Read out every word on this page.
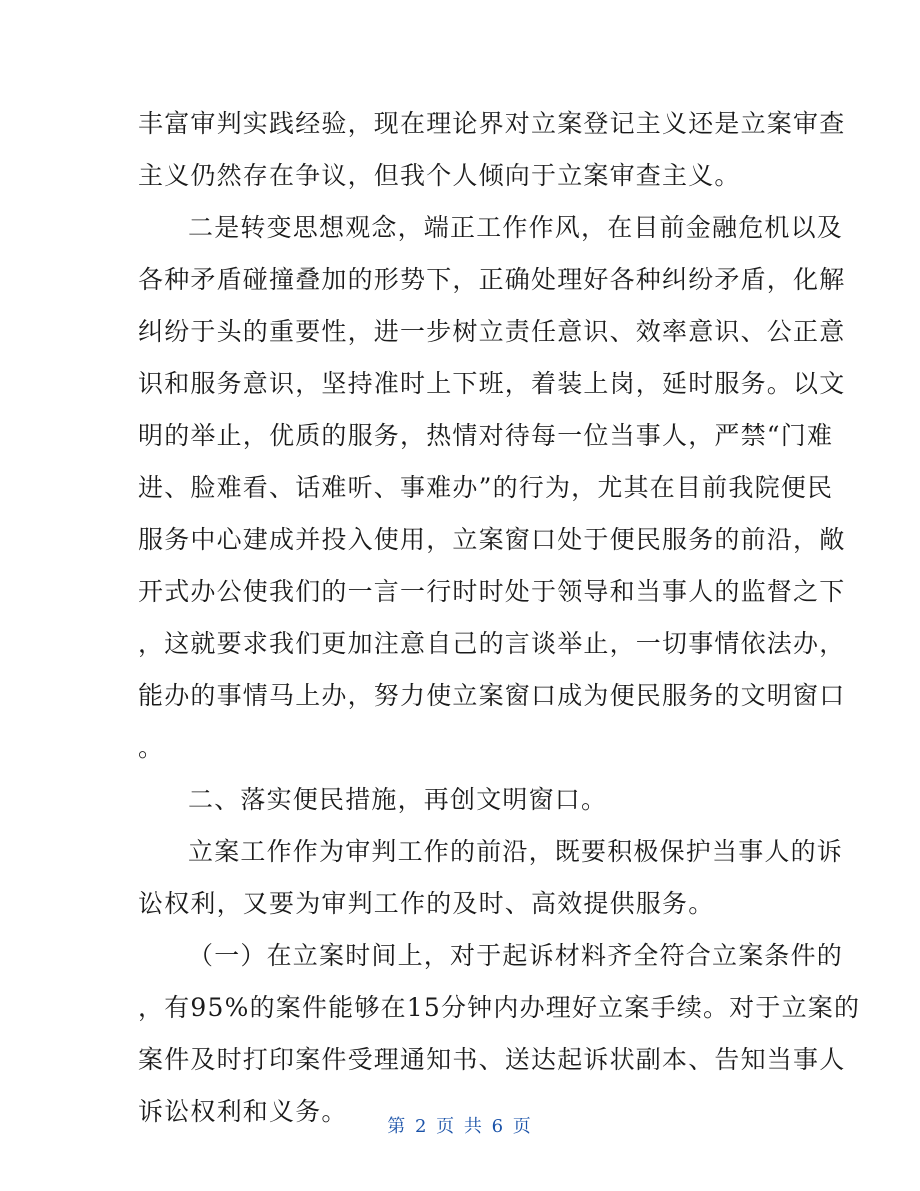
丰富审判实践经验，现在理论界对立案登记主义还是立案审查
主义仍然存在争议，但我个人倾向于立案审查主义。

二是转变思想观念，端正工作作风，在目前金融危机以及
各种矛盾碰撞叠加的形势下，正确处理好各种纠纷矛盾，化解
纠纷于头的重要性，进一步树立责任意识、效率意识、公正意
识和服务意识，坚持准时上下班，着装上岗，延时服务。以文
明的举止，优质的服务，热情对待每一位当事人，严禁“门难
进、脸难看、话难听、事难办”的行为，尤其在目前我院便民
服务中心建成并投入使用，立案窗口处于便民服务的前沿，敞
开式办公使我们的一言一行时时处于领导和当事人的监督之下
，这就要求我们更加注意自己的言谈举止，一切事情依法办，
能办的事情马上办，努力使立案窗口成为便民服务的文明窗口
。

二、落实便民措施，再创文明窗口。

立案工作作为审判工作的前沿，既要积极保护当事人的诉
讼权利，又要为审判工作的及时、高效提供服务。

（一）在立案时间上，对于起诉材料齐全符合立案条件的
，有95%的案件能够在15分钟内办理好立案手续。对于立案的
案件及时打印案件受理通知书、送达起诉状副本、告知当事人
诉讼权利和义务。

第 2 页 共 6 页
